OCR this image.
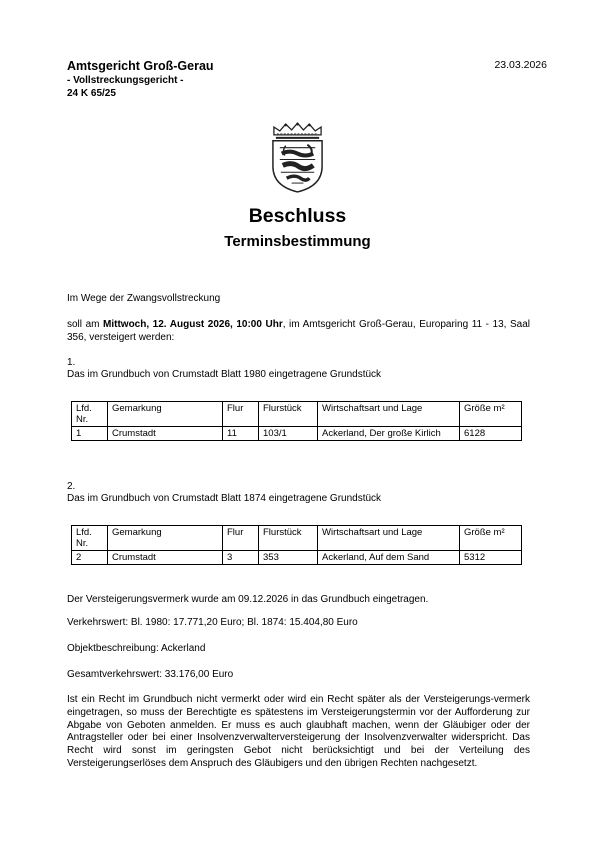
Amtsgericht Groß-Gerau
- Vollstreckungsgericht -
24 K 65/25
23.03.2026
Beschluss
Terminsbestimmung
Im Wege der Zwangsvollstreckung
soll am Mittwoch, 12. August 2026, 10:00 Uhr, im Amtsgericht Groß-Gerau, Europaring 11 - 13, Saal 356, versteigert werden:
1.
Das im Grundbuch von Crumstadt Blatt 1980 eingetragene Grundstück
Lfd. Nr.	Gemarkung	Flur	Flurstück	Wirtschaftsart und Lage	Größe m²
1	Crumstadt	11	103/1	Ackerland, Der große Kirlich	6128
2.
Das im Grundbuch von Crumstadt Blatt 1874 eingetragene Grundstück
Lfd. Nr.	Gemarkung	Flur	Flurstück	Wirtschaftsart und Lage	Größe m²
2	Crumstadt	3	353	Ackerland, Auf dem Sand	5312
Der Versteigerungsvermerk wurde am 09.12.2026 in das Grundbuch eingetragen.
Verkehrswert: Bl. 1980: 17.771,20 Euro; Bl. 1874: 15.404,80 Euro
Objektbeschreibung: Ackerland
Gesamtverkehrswert: 33.176,00 Euro
Ist ein Recht im Grundbuch nicht vermerkt oder wird ein Recht später als der Versteigerungs-vermerk eingetragen, so muss der Berechtigte es spätestens im Versteigerungstermin vor der Aufforderung zur Abgabe von Geboten anmelden. Er muss es auch glaubhaft machen, wenn der Gläubiger oder der Antragsteller oder bei einer Insolvenzverwalterversteigerung der Insolvenzverwalter widerspricht. Das Recht wird sonst im geringsten Gebot nicht berücksichtigt und bei der Verteilung des Versteigerungserlöses dem Anspruch des Gläubigers und den übrigen Rechten nachgesetzt.
